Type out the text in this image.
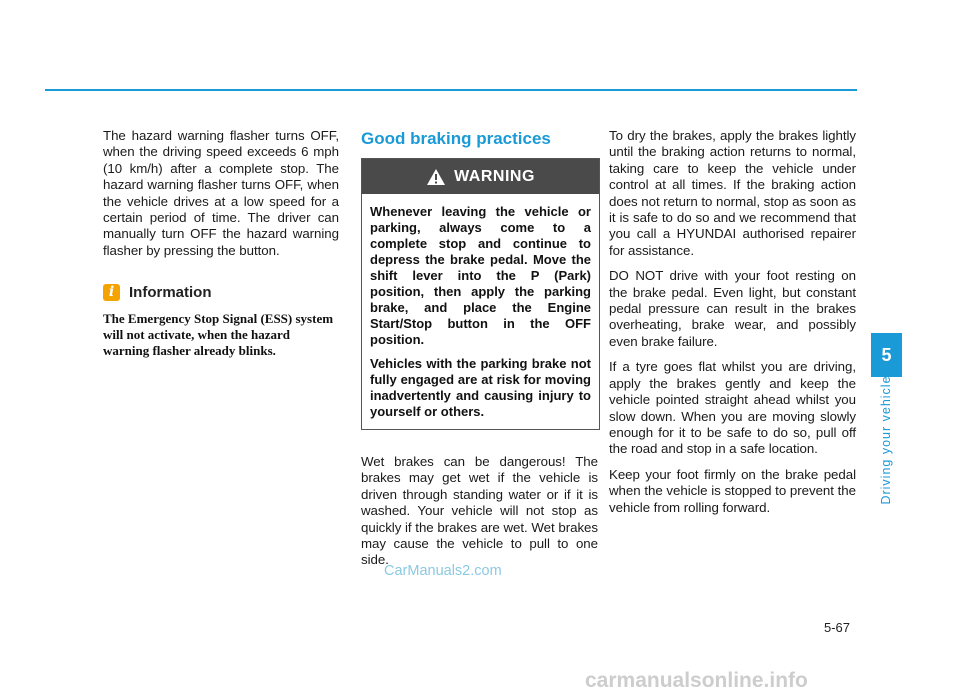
The hazard warning flasher turns OFF, when the driving speed exceeds 6 mph (10 km/h) after a complete stop. The hazard warning flasher turns OFF, when the vehicle drives at a low speed for a certain period of time. The driver can manually turn OFF the hazard warning flasher by pressing the button.

i Information

The Emergency Stop Signal (ESS) system will not activate, when the hazard warning flasher already blinks.

Good braking practices
WARNING

Whenever leaving the vehicle or parking, always come to a complete stop and continue to depress the brake pedal. Move the shift lever into the P (Park) position, then apply the parking brake, and place the Engine Start/Stop button in the OFF position.

Vehicles with the parking brake not fully engaged are at risk for moving inadvertently and causing injury to yourself or others.

Wet brakes can be dangerous! The brakes may get wet if the vehicle is driven through standing water or if it is washed. Your vehicle will not stop as quickly if the brakes are wet. Wet brakes may cause the vehicle to pull to one side.

To dry the brakes, apply the brakes lightly until the braking action returns to normal, taking care to keep the vehicle under control at all times. If the braking action does not return to normal, stop as soon as it is safe to do so and we recommend that you call a HYUNDAI authorised repairer for assistance.

DO NOT drive with your foot resting on the brake pedal. Even light, but constant pedal pressure can result in the brakes overheating, brake wear, and possibly even brake failure.

If a tyre goes flat whilst you are driving, apply the brakes gently and keep the vehicle pointed straight ahead whilst you slow down. When you are moving slowly enough for it to be safe to do so, pull off the road and stop in a safe location.

Keep your foot firmly on the brake pedal when the vehicle is stopped to prevent the vehicle from rolling forward.

5
Driving your vehicle
5-67
CarManuals2.com
carmanualsonline.info
